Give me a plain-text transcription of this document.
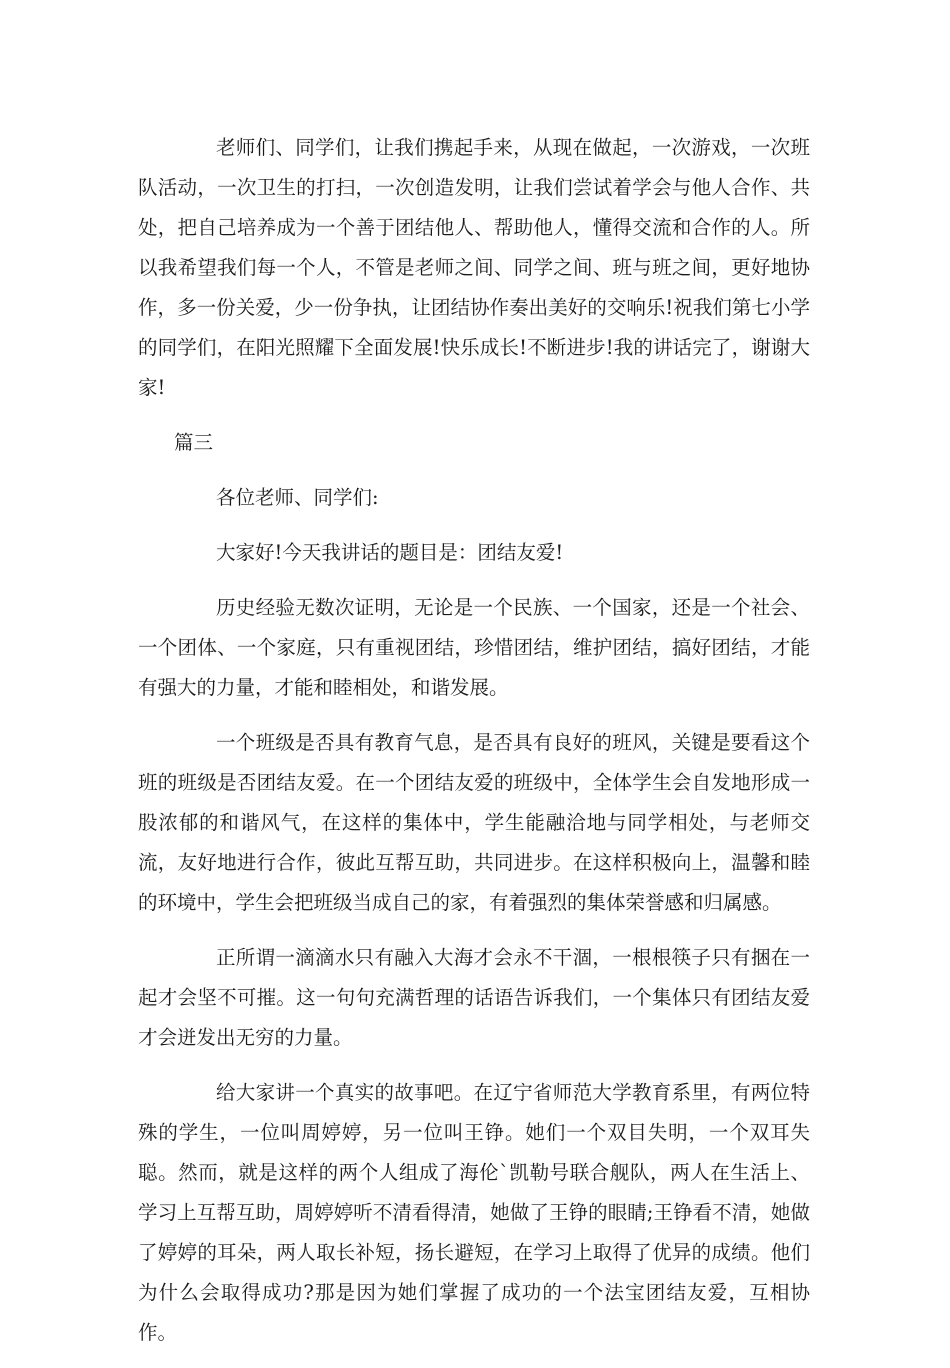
老师们、同学们，让我们携起手来，从现在做起，一次游戏，一次班队活动，一次卫生的打扫，一次创造发明，让我们尝试着学会与他人合作、共处，把自己培养成为一个善于团结他人、帮助他人，懂得交流和合作的人。所以我希望我们每一个人，不管是老师之间、同学之间、班与班之间，更好地协作，多一份关爱，少一份争执，让团结协作奏出美好的交响乐!祝我们第七小学的同学们，在阳光照耀下全面发展!快乐成长!不断进步!我的讲话完了，谢谢大家!

篇三

各位老师、同学们:

大家好!今天我讲话的题目是：团结友爱!

历史经验无数次证明，无论是一个民族、一个国家，还是一个社会、一个团体、一个家庭，只有重视团结，珍惜团结，维护团结，搞好团结，才能有强大的力量，才能和睦相处，和谐发展。

一个班级是否具有教育气息，是否具有良好的班风，关键是要看这个班的班级是否团结友爱。在一个团结友爱的班级中，全体学生会自发地形成一股浓郁的和谐风气，在这样的集体中，学生能融洽地与同学相处，与老师交流，友好地进行合作，彼此互帮互助，共同进步。在这样积极向上，温馨和睦的环境中，学生会把班级当成自己的家，有着强烈的集体荣誉感和归属感。

正所谓一滴滴水只有融入大海才会永不干涸，一根根筷子只有捆在一起才会坚不可摧。这一句句充满哲理的话语告诉我们，一个集体只有团结友爱才会迸发出无穷的力量。

给大家讲一个真实的故事吧。在辽宁省师范大学教育系里，有两位特殊的学生，一位叫周婷婷，另一位叫王铮。她们一个双目失明，一个双耳失聪。然而，就是这样的两个人组成了海伦`凯勒号联合舰队，两人在生活上、学习上互帮互助，周婷婷听不清看得清，她做了王铮的眼睛;王铮看不清，她做了婷婷的耳朵，两人取长补短，扬长避短，在学习上取得了优异的成绩。他们为什么会取得成功?那是因为她们掌握了成功的一个法宝团结友爱，互相协作。
